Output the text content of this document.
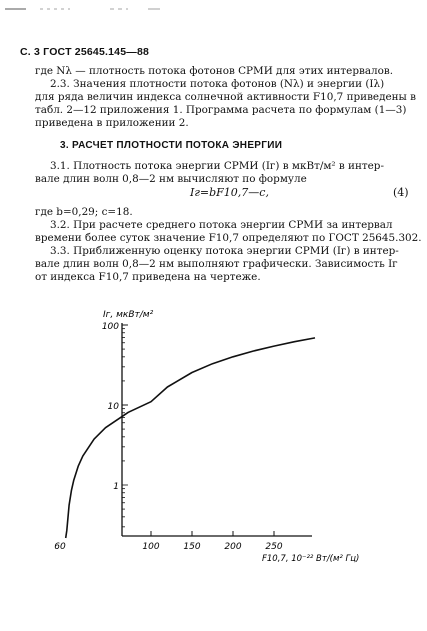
С. 3 ГОСТ 25645.145—88
где Nλ — плотность потока фотонов СРМИ для этих интервалов.
2.3. Значения плотности потока фотонов (Nλ) и энергии (Iλ)
для ряда величин индекса солнечной активности F10,7 приведены в
табл. 2—12 приложения 1. Программа расчета по формулам (1—3)
приведена в приложении 2.
3. РАСЧЕТ ПЛОТНОСТИ ПОТОКА ЭНЕРГИИ
3.1. Плотность потока энергии СРМИ (Iг) в мкВт/м² в интер-
вале длин волн 0,8—2 нм вычисляют по формуле
Iг=bF10,7—c,	(4)
где b=0,29; c=18.
3.2. При расчете среднего потока энергии СРМИ за интервал
времени более суток значение F10,7 определяют по ГОСТ 25645.302.
3.3. Приближенную оценку потока энергии СРМИ (Iг) в интер-
вале длин волн 0,8—2 нм выполняют графически. Зависимость Iг
от индекса F10,7 приведена на чертеже.
60	100	150	200	250
100
10
1
Iг, мкВт/м²
F10,7, 10⁻²² Вт/(м² Гц)
